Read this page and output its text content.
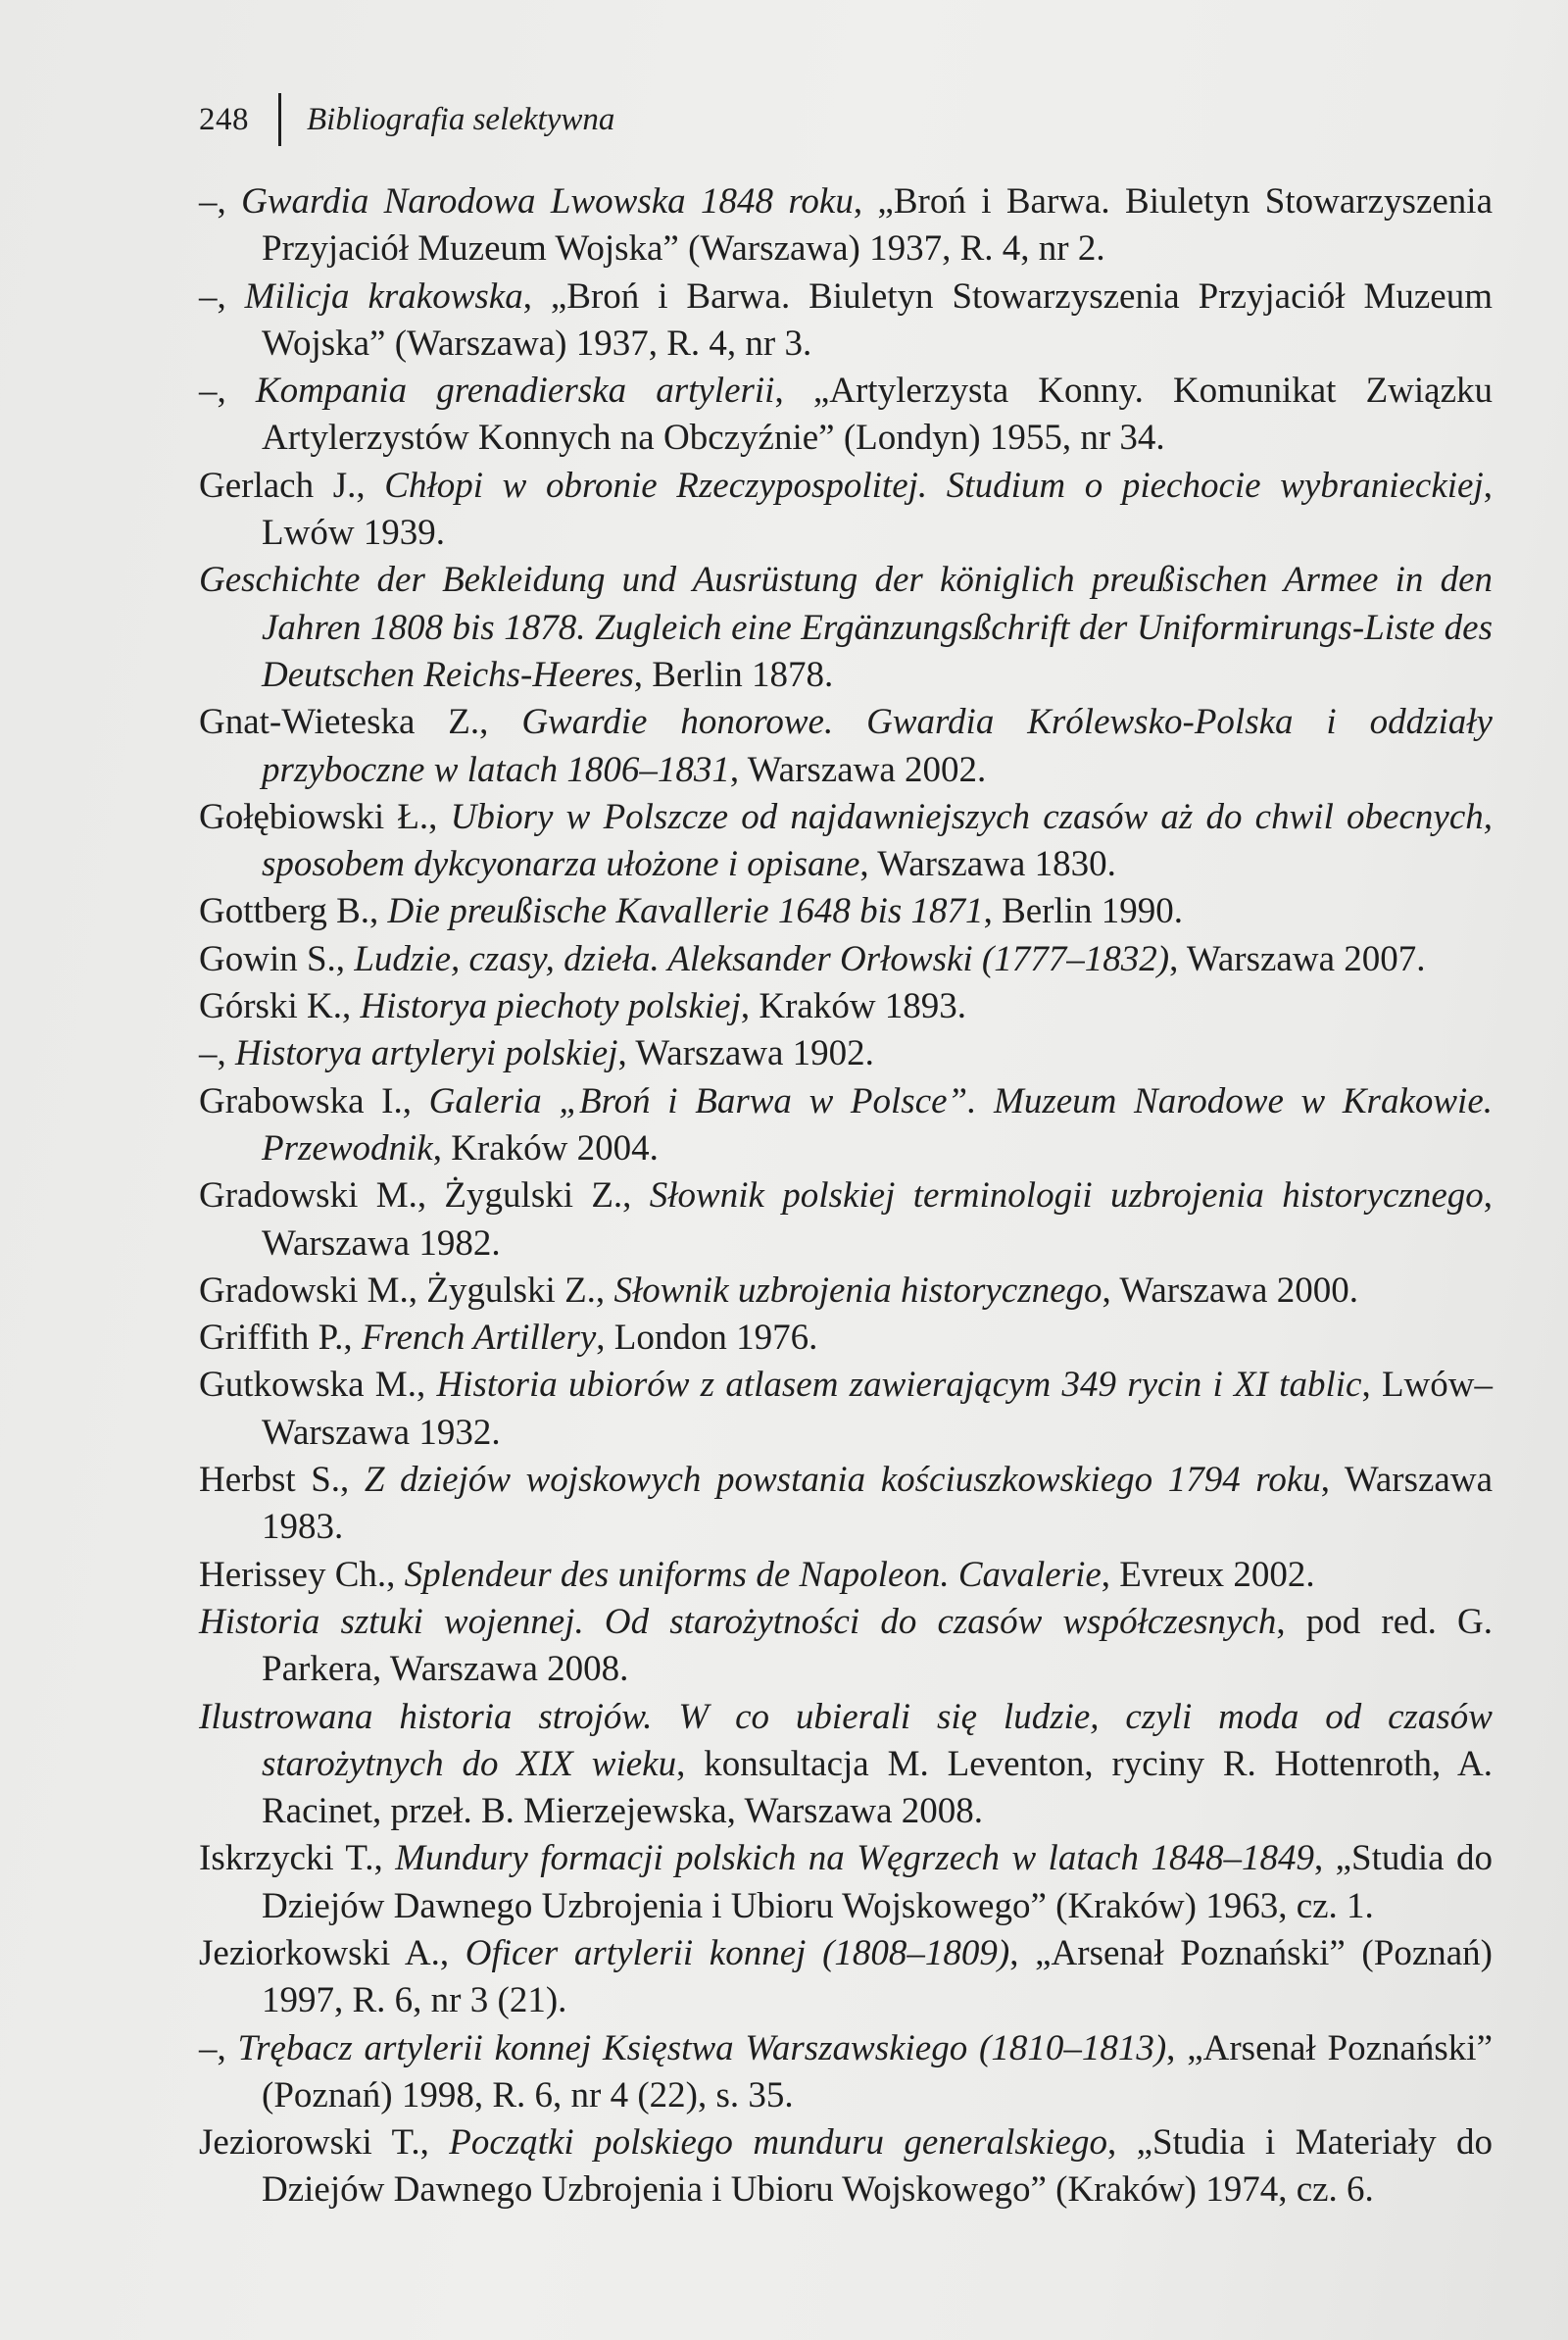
248 Bibliografia selektywna
–, Gwardia Narodowa Lwowska 1848 roku, „Broń i Barwa. Biuletyn Stowarzyszenia Przyjaciół Muzeum Wojska” (Warszawa) 1937, R. 4, nr 2.
–, Milicja krakowska, „Broń i Barwa. Biuletyn Stowarzyszenia Przyjaciół Muzeum Wojska” (Warszawa) 1937, R. 4, nr 3.
–, Kompania grenadierska artylerii, „Artylerzysta Konny. Komunikat Związku Artylerzystów Konnych na Obczyźnie” (Londyn) 1955, nr 34.
Gerlach J., Chłopi w obronie Rzeczypospolitej. Studium o piechocie wybranieckiej, Lwów 1939.
Geschichte der Bekleidung und Ausrüstung der königlich preußischen Armee in den Jahren 1808 bis 1878. Zugleich eine Ergänzungsßchrift der Uniformirungs-Liste des Deutschen Reichs-Heeres, Berlin 1878.
Gnat-Wieteska Z., Gwardie honorowe. Gwardia Królewsko-Polska i oddziały przyboczne w latach 1806–1831, Warszawa 2002.
Gołębiowski Ł., Ubiory w Polszcze od najdawniejszych czasów aż do chwil obecnych, sposobem dykcyonarza ułożone i opisane, Warszawa 1830.
Gottberg B., Die preußische Kavallerie 1648 bis 1871, Berlin 1990.
Gowin S., Ludzie, czasy, dzieła. Aleksander Orłowski (1777–1832), Warszawa 2007.
Górski K., Historya piechoty polskiej, Kraków 1893.
–, Historya artyleryi polskiej, Warszawa 1902.
Grabowska I., Galeria „Broń i Barwa w Polsce”. Muzeum Narodowe w Krakowie. Przewodnik, Kraków 2004.
Gradowski M., Żygulski Z., Słownik polskiej terminologii uzbrojenia historycznego, Warszawa 1982.
Gradowski M., Żygulski Z., Słownik uzbrojenia historycznego, Warszawa 2000.
Griffith P., French Artillery, London 1976.
Gutkowska M., Historia ubiorów z atlasem zawierającym 349 rycin i XI tablic, Lwów–Warszawa 1932.
Herbst S., Z dziejów wojskowych powstania kościuszkowskiego 1794 roku, Warszawa 1983.
Herissey Ch., Splendeur des uniforms de Napoleon. Cavalerie, Evreux 2002.
Historia sztuki wojennej. Od starożytności do czasów współczesnych, pod red. G. Parkera, Warszawa 2008.
Ilustrowana historia strojów. W co ubierali się ludzie, czyli moda od czasów starożytnych do XIX wieku, konsultacja M. Leventon, ryciny R. Hottenroth, A. Racinet, przeł. B. Mierzejewska, Warszawa 2008.
Iskrzycki T., Mundury formacji polskich na Węgrzech w latach 1848–1849, „Studia do Dziejów Dawnego Uzbrojenia i Ubioru Wojskowego” (Kraków) 1963, cz. 1.
Jeziorkowski A., Oficer artylerii konnej (1808–1809), „Arsenał Poznański” (Poznań) 1997, R. 6, nr 3 (21).
–, Trębacz artylerii konnej Księstwa Warszawskiego (1810–1813), „Arsenał Poznański” (Poznań) 1998, R. 6, nr 4 (22), s. 35.
Jeziorowski T., Początki polskiego munduru generalskiego, „Studia i Materiały do Dziejów Dawnego Uzbrojenia i Ubioru Wojskowego” (Kraków) 1974, cz. 6.
